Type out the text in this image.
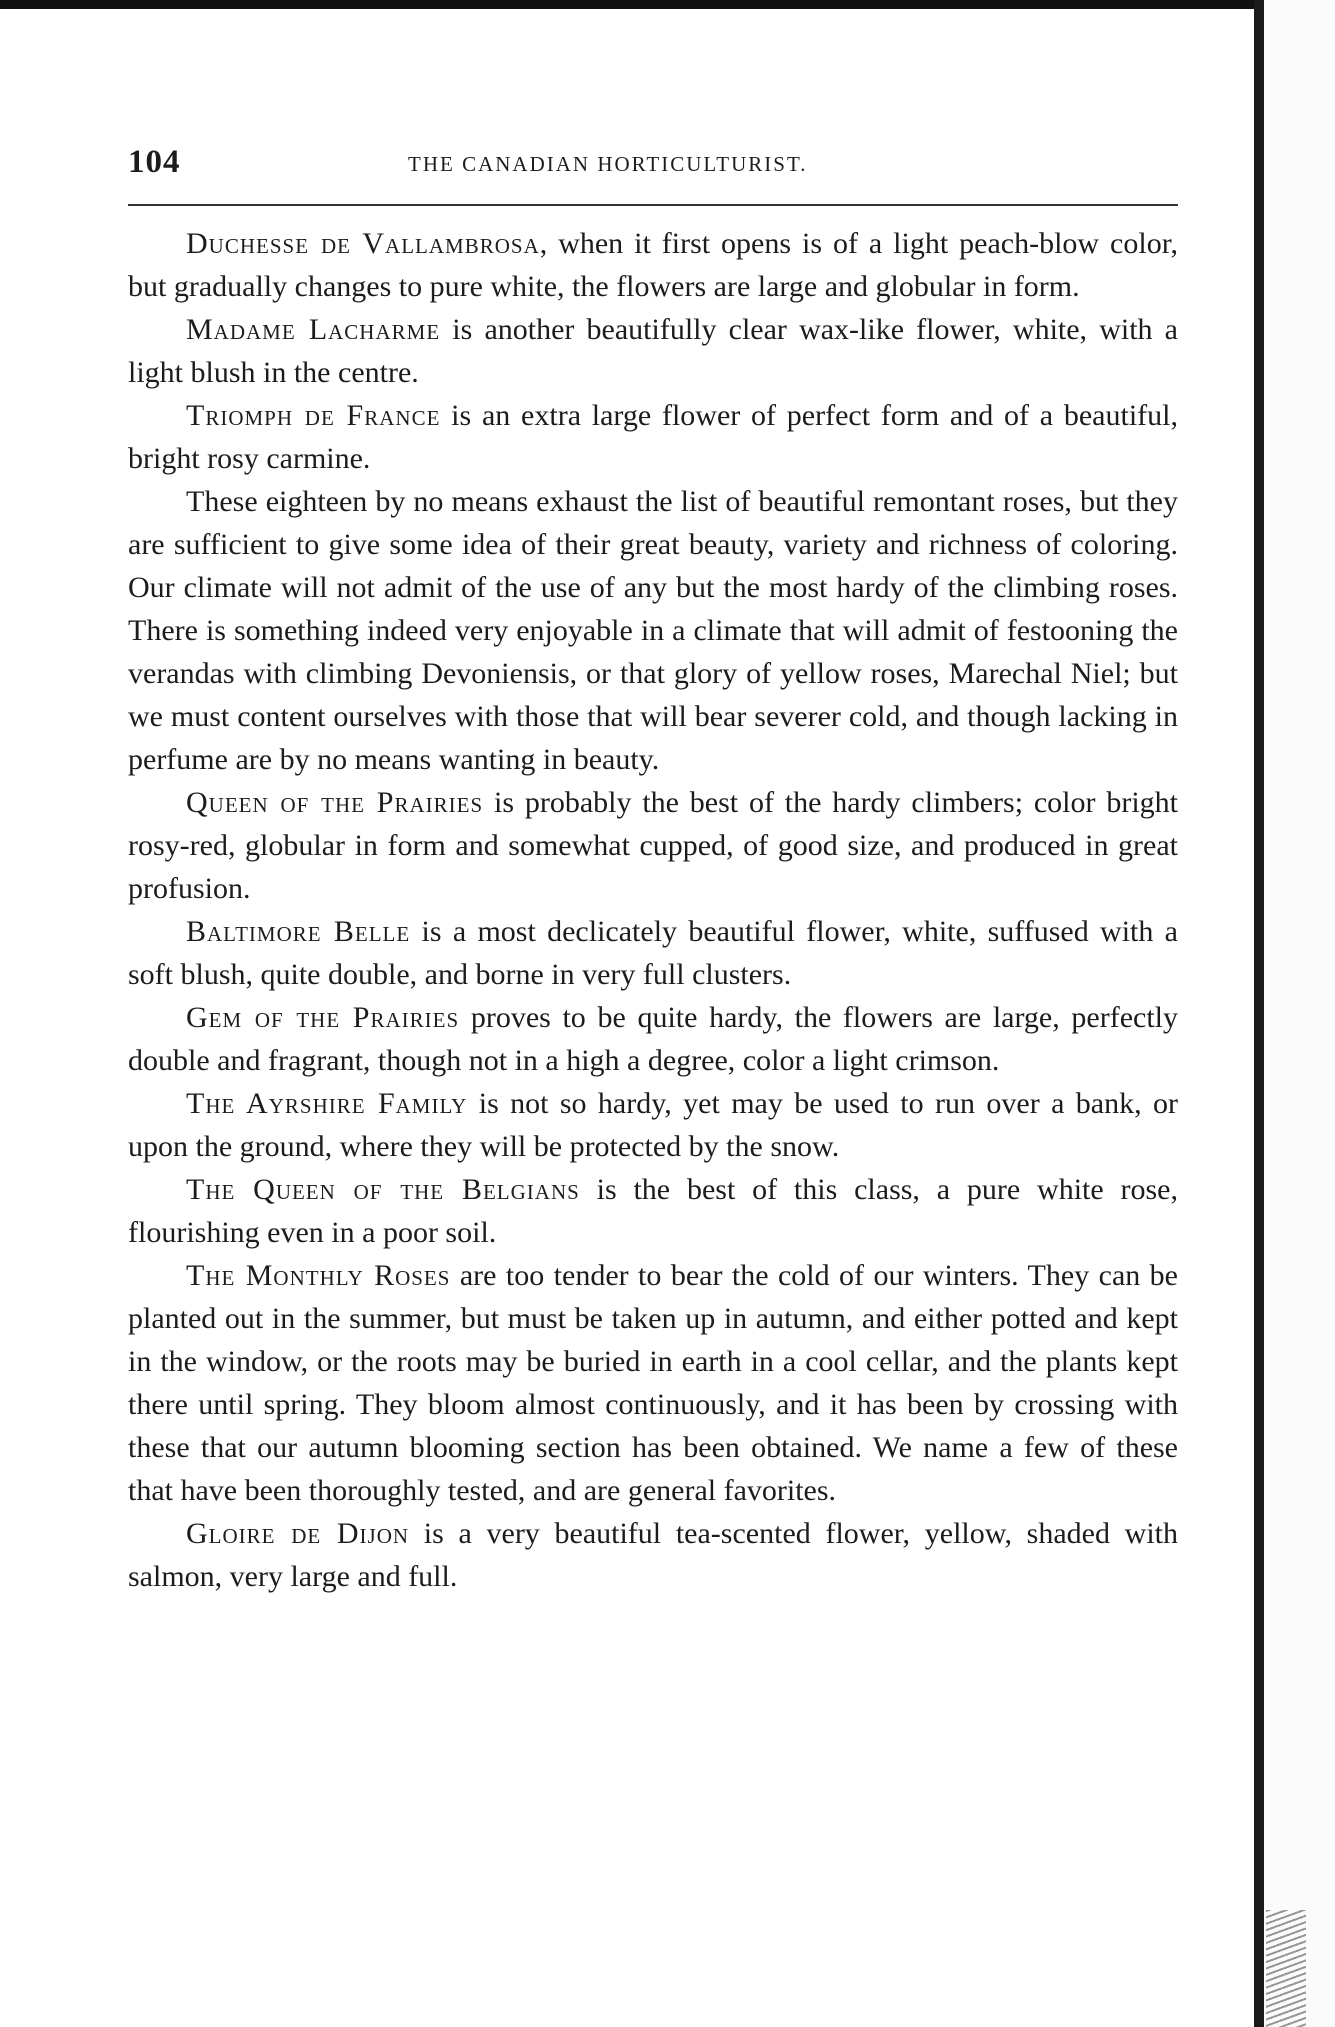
104	THE CANADIAN HORTICULTURIST.

Duchesse de Vallambrosa, when it first opens is of a light peach-blow color, but gradually changes to pure white, the flowers are large and globular in form.

Madame Lacharme is another beautifully clear wax-like flower, white, with a light blush in the centre.

Triomph de France is an extra large flower of perfect form and of a beautiful, bright rosy carmine.

These eighteen by no means exhaust the list of beautiful remontant roses, but they are sufficient to give some idea of their great beauty, variety and richness of coloring. Our climate will not admit of the use of any but the most hardy of the climbing roses. There is something indeed very enjoyable in a climate that will admit of festooning the verandas with climbing Devoniensis, or that glory of yellow roses, Marechal Niel; but we must content ourselves with those that will bear severer cold, and though lacking in perfume are by no means wanting in beauty.

Queen of the Prairies is probably the best of the hardy climbers; color bright rosy-red, globular in form and somewhat cupped, of good size, and produced in great profusion.

Baltimore Belle is a most declicately beautiful flower, white, suffused with a soft blush, quite double, and borne in very full clusters.

Gem of the Prairies proves to be quite hardy, the flowers are large, perfectly double and fragrant, though not in a high a degree, color a light crimson.

The Ayrshire Family is not so hardy, yet may be used to run over a bank, or upon the ground, where they will be protected by the snow.

The Queen of the Belgians is the best of this class, a pure white rose, flourishing even in a poor soil.

The Monthly Roses are too tender to bear the cold of our winters. They can be planted out in the summer, but must be taken up in autumn, and either potted and kept in the window, or the roots may be buried in earth in a cool cellar, and the plants kept there until spring. They bloom almost continuously, and it has been by crossing with these that our autumn blooming section has been obtained. We name a few of these that have been thoroughly tested, and are general favorites.

Gloire de Dijon is a very beautiful tea-scented flower, yellow, shaded with salmon, very large and full.
